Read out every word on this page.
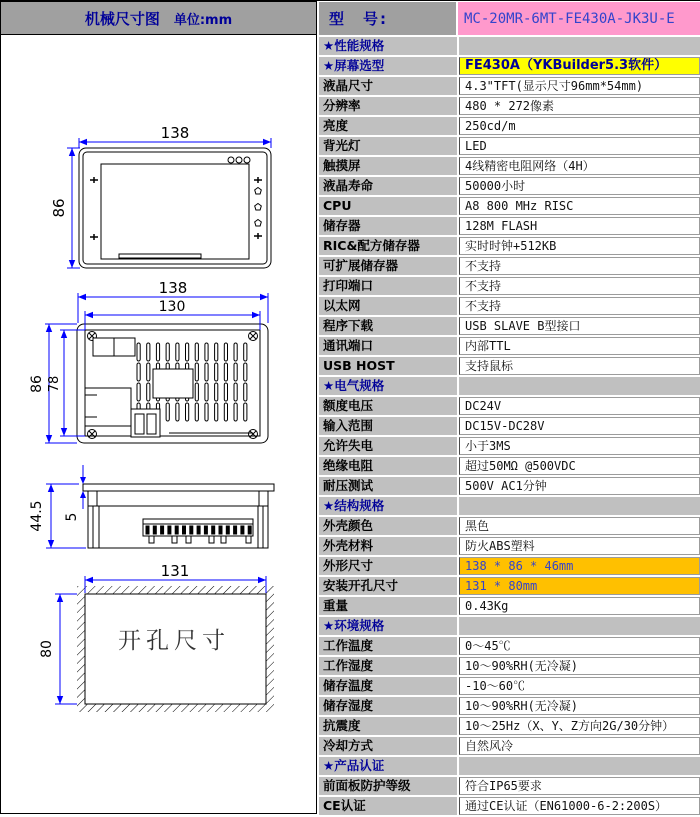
机械尺寸图 单位:mm	型　号:	MC-20MR-6MT-FE430A-JK3U-E
138
86
138
130
86 78
44.5 5
131
80	开孔尺寸
★性能规格
★屏幕选型	FE430A（YKBuilder5.3软件）
液晶尺寸	4.3"TFT(显示尺寸96mm*54mm)
分辨率	480 * 272像素
亮度	250cd/m
背光灯	LED
触摸屏	4线精密电阻网络（4H）
液晶寿命	50000小时
CPU	A8 800 MHz RISC
储存器	128M FLASH
RIC&配方储存器	实时时钟+512KB
可扩展储存器	不支持
打印端口	不支持
以太网	不支持
程序下载	USB SLAVE B型接口
通讯端口	内部TTL
USB HOST	支持鼠标
★电气规格
额度电压	DC24V
输入范围	DC15V-DC28V
允许失电	小于3MS
绝缘电阻	超过50MΩ @500VDC
耐压测试	500V AC1分钟
★结构规格
外壳颜色	黑色
外壳材料	防火ABS塑料
外形尺寸	138 * 86 * 46mm
安装开孔尺寸	131 * 80mm
重量	0.43Kg
★环境规格
工作温度	0～45℃
工作湿度	10～90%RH(无冷凝)
储存温度	-10～60℃
储存湿度	10～90%RH(无冷凝)
抗震度	10～25Hz（X、Y、Z方向2G/30分钟）
冷却方式	自然风冷
★产品认证
前面板防护等级	符合IP65要求
CE认证	通过CE认证（EN61000-6-2:200S）
